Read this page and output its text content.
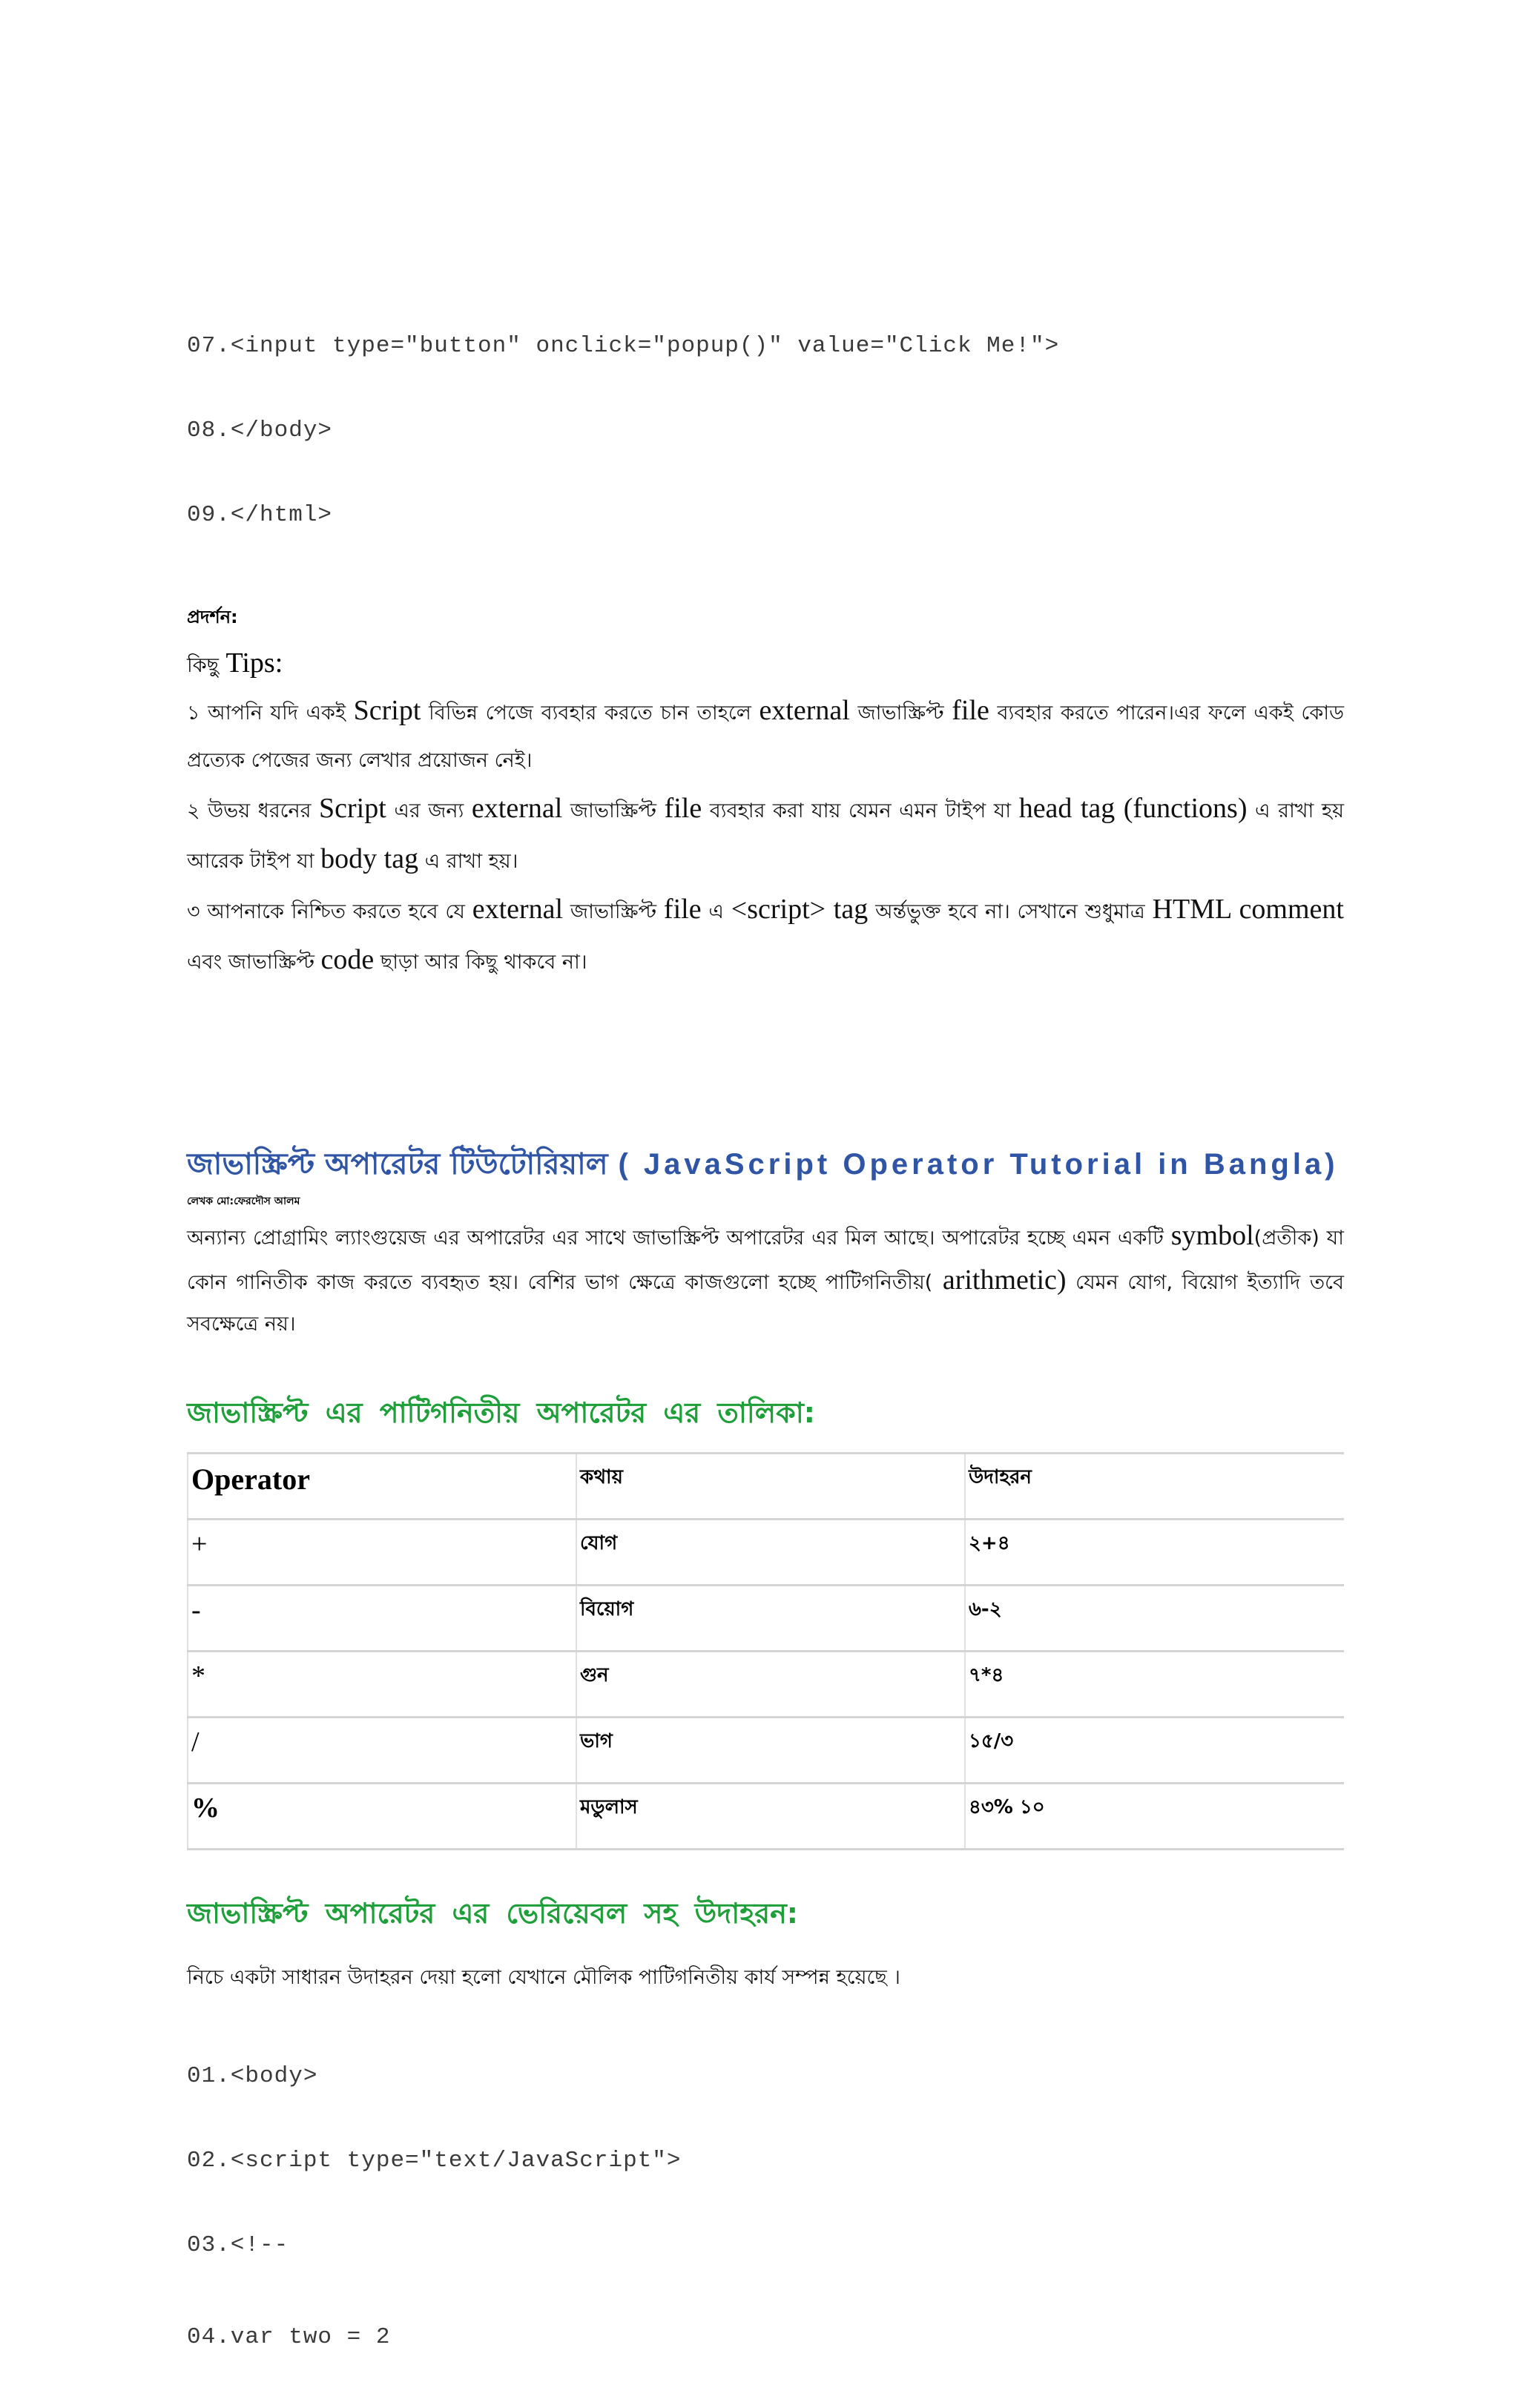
07.<input type="button" onclick="popup()" value="Click Me!">

08.</body>

09.</html>

প্রদর্শন:
কিছু Tips:
১ আপনি যদি একই Script বিভিন্ন পেজে ব্যবহার করতে চান তাহলে external জাভাস্ক্রিপ্ট file ব্যবহার করতে পারেন।এর ফলে একই কোড প্রত্যেক পেজের জন্য লেখার প্রয়োজন নেই।
২ উভয় ধরনের Script এর জন্য external জাভাস্ক্রিপ্ট file ব্যবহার করা যায় যেমন এমন টাইপ যা head tag (functions) এ রাখা হয় আরেক টাইপ যা body tag এ রাখা হয়।
৩ আপনাকে নিশ্চিত করতে হবে যে external জাভাস্ক্রিপ্ট file এ <script> tag অর্ন্তভুক্ত হবে না। সেখানে শুধুমাত্র HTML comment এবং জাভাস্ক্রিপ্ট code ছাড়া আর কিছু থাকবে না।
জাভাস্ক্রিপ্ট অপারেটর টিউটোরিয়াল ( JavaScript Operator Tutorial in Bangla)
লেখক মো:ফেরদৌস আলম
অন্যান্য প্রোগ্রামিং ল্যাংগুয়েজ এর অপারেটর এর সাথে জাভাস্ক্রিপ্ট অপারেটর এর মিল আছে। অপারেটর হচ্ছে এমন একটি symbol(প্রতীক) যা কোন গানিতীক কাজ করতে ব্যবহৃত হয়। বেশির ভাগ ক্ষেত্রে কাজগুলো হচ্ছে পাটিগনিতীয়( arithmetic) যেমন যোগ, বিয়োগ ইত্যাদি তবে সবক্ষেত্রে নয়।
জাভাস্ক্রিপ্ট এর পাটিগনিতীয় অপারেটর এর তালিকা:
Operator	কথায়	উদাহরন
+	যোগ	২+৪
-	বিয়োগ	৬-২
*	গুন	৭*৪
/	ভাগ	১৫/৩
%	মডুলাস	৪৩% ১০
জাভাস্ক্রিপ্ট অপারেটর এর ভেরিয়েবল সহ উদাহরন:
নিচে একটা সাধারন উদাহরন দেয়া হলো যেখানে মৌলিক পাটিগনিতীয় কার্য সম্পন্ন হয়েছে ।

01.<body>

02.<script type="text/JavaScript">

03.<!--

04.var two = 2
